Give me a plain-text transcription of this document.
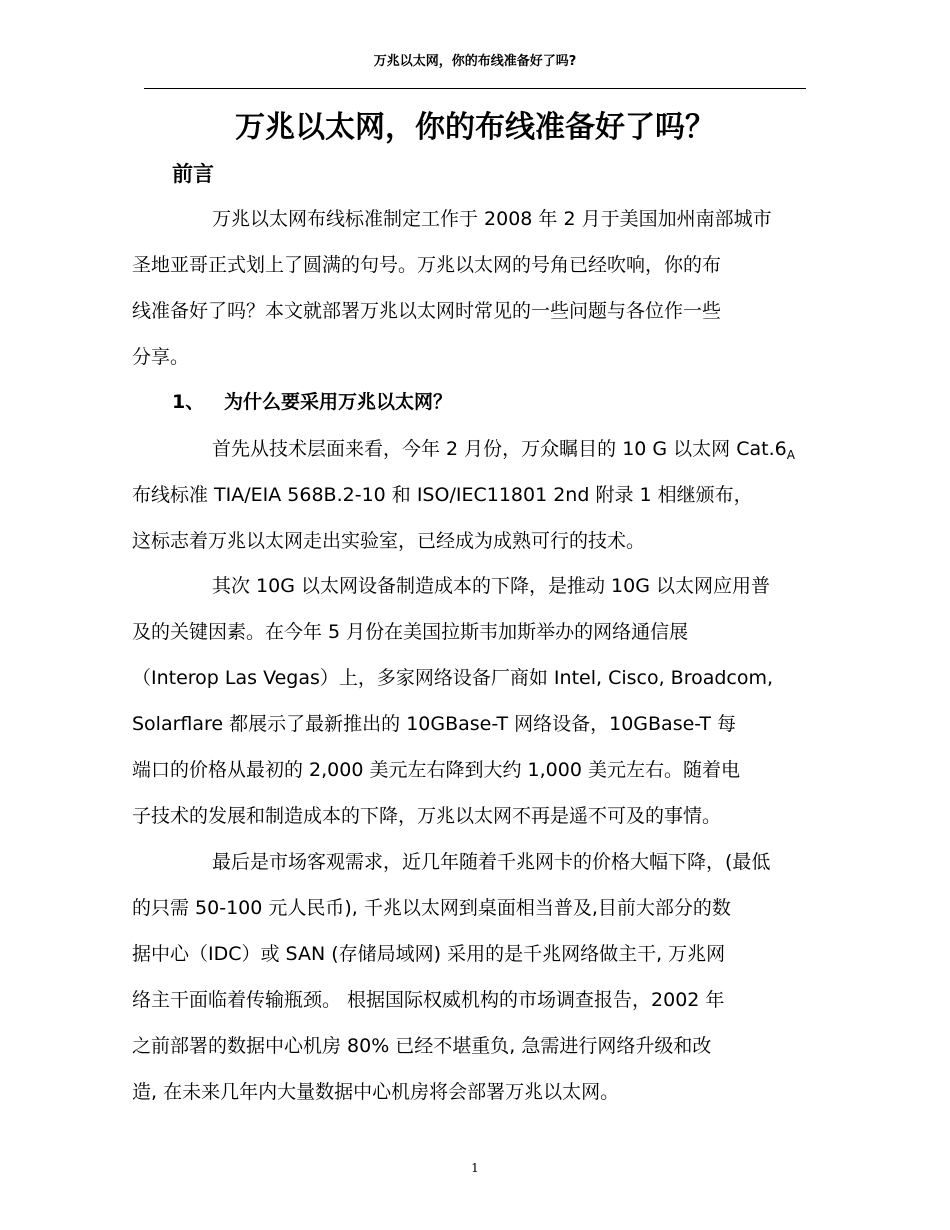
万兆以太网，你的布线准备好了吗?

万兆以太网，你的布线准备好了吗？
前言

万兆以太网布线标准制定工作于 2008 年 2 月于美国加州南部城市
圣地亚哥正式划上了圆满的句号。万兆以太网的号角已经吹响，你的布
线准备好了吗？本文就部署万兆以太网时常见的一些问题与各位作一些
分享。

1、 为什么要采用万兆以太网？

首先从技术层面来看，今年 2 月份，万众瞩目的 10 G 以太网 $Cat.6_A$
布线标准 TIA/EIA 568B.2-10 和 ISO/IEC11801 2nd 附录 1 相继颁布，
这标志着万兆以太网走出实验室，已经成为成熟可行的技术。

其次 10G 以太网设备制造成本的下降，是推动 10G 以太网应用普
及的关键因素。在今年 5 月份在美国拉斯韦加斯举办的网络通信展
（Interop Las Vegas）上，多家网络设备厂商如 Intel, Cisco, Broadcom,
Solarflare 都展示了最新推出的 10GBase-T 网络设备，10GBase-T 每
端口的价格从最初的 2,000 美元左右降到大约 1,000 美元左右。随着电
子技术的发展和制造成本的下降，万兆以太网不再是遥不可及的事情。

最后是市场客观需求，近几年随着千兆网卡的价格大幅下降，(最低
的只需 50-100 元人民币), 千兆以太网到桌面相当普及,目前大部分的数
据中心（IDC）或 SAN (存储局域网) 采用的是千兆网络做主干, 万兆网
络主干面临着传输瓶颈。 根据国际权威机构的市场调查报告，2002 年
之前部署的数据中心机房 80% 已经不堪重负, 急需进行网络升级和改
造, 在未来几年内大量数据中心机房将会部署万兆以太网。

1
